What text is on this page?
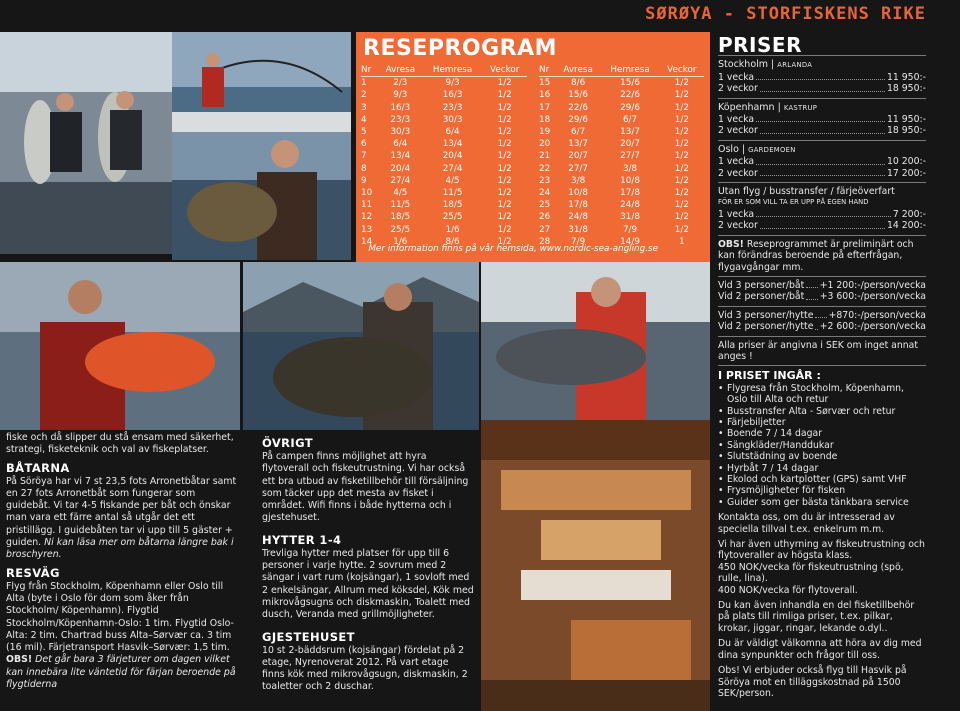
SØRØYA - STORFISKENS RIKE
RESEPROGRAM
Nr	Avresa	Hemresa	Veckor
1	2/3	9/3	1/2
2	9/3	16/3	1/2
3	16/3	23/3	1/2
4	23/3	30/3	1/2
5	30/3	6/4	1/2
6	6/4	13/4	1/2
7	13/4	20/4	1/2
8	20/4	27/4	1/2
9	27/4	4/5	1/2
10	4/5	11/5	1/2
11	11/5	18/5	1/2
12	18/5	25/5	1/2
13	25/5	1/6	1/2
14	1/6	8/6	1/2
Nr	Avresa	Hemresa	Veckor
15	8/6	15/6	1/2
16	15/6	22/6	1/2
17	22/6	29/6	1/2
18	29/6	6/7	1/2
19	6/7	13/7	1/2
20	13/7	20/7	1/2
21	20/7	27/7	1/2
22	27/7	3/8	1/2
23	3/8	10/8	1/2
24	10/8	17/8	1/2
25	17/8	24/8	1/2
26	24/8	31/8	1/2
27	31/8	7/9	1/2
28	7/9	14/9	1
Mer information finns på vår hemsida, www.nordic-sea-angling.se

fiske och då slipper du stå ensam med säkerhet, strategi, fisketeknik och val av fiskeplatser.

BÅTARNA

På Söröya har vi 7 st 23,5 fots Arronetbåtar samt en 27 fots Arronetbåt som fungerar som guidebåt. Vi tar 4-5 fiskande per båt och önskar man vara ett färre antal så utgår det ett pristillägg. I guidebåten tar vi upp till 5 gäster + guiden. Ni kan läsa mer om båtarna längre bak i broschyren.

RESVÄG

Flyg från Stockholm, Köpenhamn eller Oslo till Alta (byte i Oslo för dom som åker från Stockholm/ Köpenhamn). Flygtid Stockholm/Köpenhamn-Oslo: 1 tim. Flygtid Oslo-Alta: 2 tim. Chartrad buss Alta–Sørvær ca. 3 tim (16 mil). Färjetransport Hasvik–Sørvær: 1,5 tim. OBS! Det går bara 3 färjeturer om dagen vilket kan innebära lite väntetid för färjan beroende på flygtiderna

ÖVRIGT

På campen finns möjlighet att hyra flytoverall och fiskeutrustning. Vi har också ett bra utbud av fisketillbehör till försäljning som täcker upp det mesta av fisket i området. Wifi finns i både hytterna och i gjestehuset.

HYTTER 1-4

Trevliga hytter med platser för upp till 6 personer i varje hytte. 2 sovrum med 2 sängar i vart rum (kojsängar), 1 sovloft med 2 enkelsängar, Allrum med köksdel, Kök med mikrovågsugns och diskmaskin, Toalett med dusch, Veranda med grillmöjligheter.

GJESTEHUSET

10 st 2-bäddsrum (kojsängar) fördelat på 2 etage, Nyrenoverat 2012. På vart etage finns kök med mikrovågsugn, diskmaskin, 2 toaletter och 2 duschar.

PRISER
Stockholm | ARLANDA
1 vecka	11 950:-
2 veckor	18 950:-
Köpenhamn | KASTRUP
1 vecka	11 950:-
2 veckor	18 950:-
Oslo | GARDEMOEN
1 vecka	10 200:-
2 veckor	17 200:-
Utan flyg / busstransfer / färjeöverfart
FÖR ER SOM VILL TA ER UPP PÅ EGEN HAND
1 vecka	7 200:-
2 veckor	14 200:-
OBS! Reseprogrammet är preliminärt och kan förändras beroende på efterfrågan, flygavgångar mm.
Vid 3 personer/båt +1 200:-/person/vecka
Vid 2 personer/båt +3 600:-/person/vecka
Vid 3 personer/hytte +870:-/person/vecka
Vid 2 personer/hytte +2 600:-/person/vecka
Alla priser är angivna i SEK om inget annat anges !
I PRISET INGÅR :
• Flygresa från Stockholm, Köpenhamn, Oslo till Alta och retur
• Busstransfer Alta - Sørvær och retur
• Färjebiljetter
• Boende 7 / 14 dagar
• Sängkläder/Handdukar
• Slutstädning av boende
• Hyrbåt 7 / 14 dagar
• Ekolod och kartplotter (GPS) samt VHF
• Frysmöjligheter för fisken
• Guider som ger bästa tänkbara service
Kontakta oss, om du är intresserad av speciella tillval t.ex. enkelrum m.m.
Vi har även uthyrning av fiskeutrustning och flytoveraller av högsta klass.
450 NOK/vecka för fiskeutrustning (spö, rulle, lina).
400 NOK/vecka för flytoverall.
Du kan även inhandla en del fisketillbehör på plats till rimliga priser, t.ex. pilkar, krokar, jiggar, ringar, lekande o.dyl..
Du är väldigt välkomna att höra av dig med dina synpunkter och frågor till oss.
Obs! Vi erbjuder också flyg till Hasvik på Söröya mot en tilläggskostnad på 1500 SEK/person.
